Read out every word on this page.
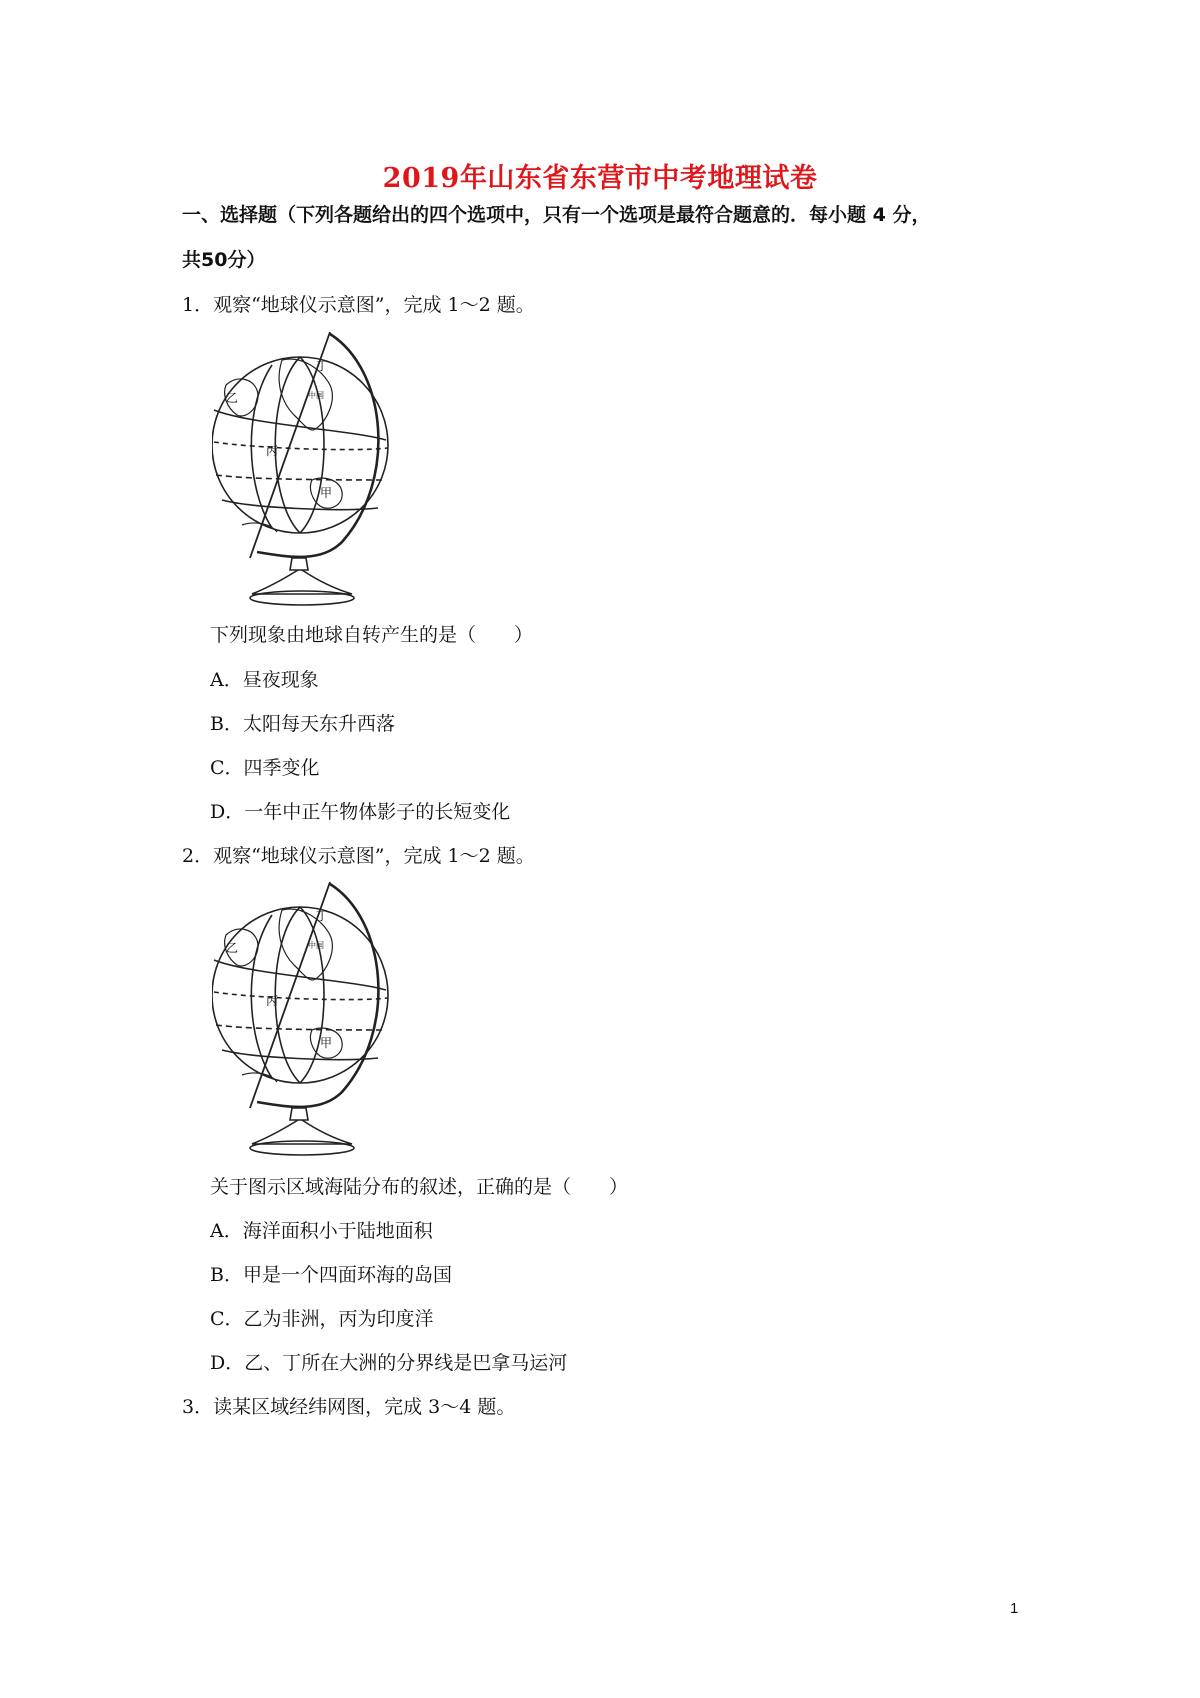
2019年山东省东营市中考地理试卷
一、选择题（下列各题给出的四个选项中，只有一个选项是最符合题意的．每小题 4 分，
共50分）
1．观察“地球仪示意图”，完成 1～2 题。
乙
丁
丙
甲
中国
下列现象由地球自转产生的是（　　）
A．昼夜现象
B．太阳每天东升西落
C．四季变化
D．一年中正午物体影子的长短变化
2．观察“地球仪示意图”，完成 1～2 题。
乙
丁
丙
甲
中国
关于图示区域海陆分布的叙述，正确的是（　　）
A．海洋面积小于陆地面积
B．甲是一个四面环海的岛国
C．乙为非洲，丙为印度洋
D．乙、丁所在大洲的分界线是巴拿马运河
3．读某区域经纬网图，完成 3～4 题。
1
